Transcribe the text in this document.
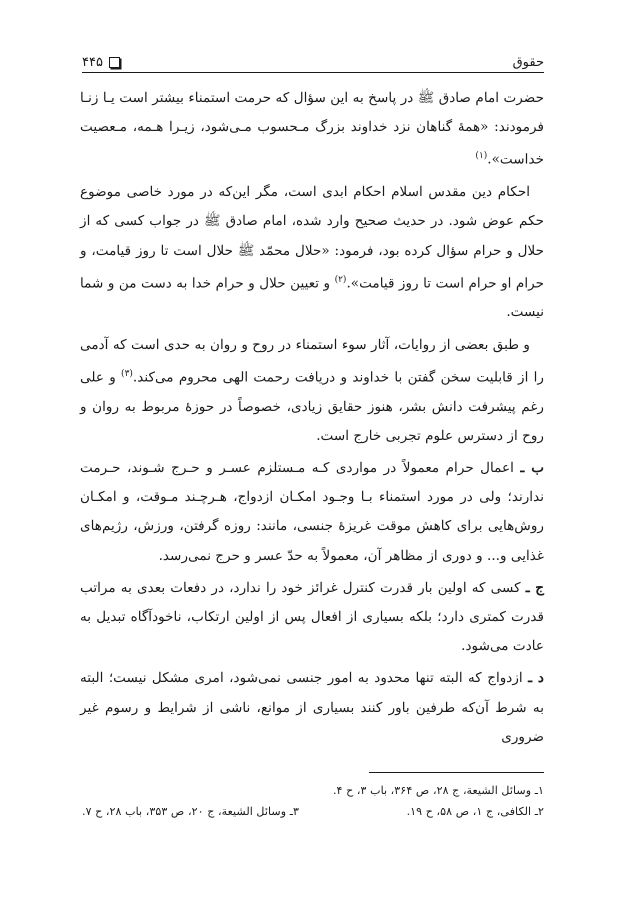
حقوق
۴۴۵

حضرت امام صادق ﷺ در پاسخ به این سؤال که حرمت استمناء بیشتر است یـا زنـا فرمودند: «همهٔ گناهان نزد خداوند بزرگ مـحسوب مـی‌شود، زیـرا هـمه، مـعصیت خداست».$^{(۱)}$

احکام دین مقدس اسلام احکام ابدی است، مگر این‌که در مورد خاصی موضوع حکم عوض شود. در حدیث صحیح وارد شده، امام صادق ﷺ در جواب کسی که از حلال و حرام سؤال کرده بود، فرمود: «حلال محمّد ﷺ حلال است تا روز قیامت، و حرام او حرام است تا روز قیامت».$^{(۲)}$ و تعیین حلال و حرام خدا به دست من و شما نیست.

و طبق بعضی از روایات، آثار سوء استمناء در روح و روان به حدی است که آدمی را از قابلیت سخن گفتن با خداوند و دریافت رحمت الهی محروم می‌کند.$^{(۳)}$ و علی رغم پیشرفت دانش بشر، هنوز حقایق زیادی، خصوصاً در حوزهٔ مربوط به روان و روح از دسترس علوم تجربی خارج است.

ب ـ اعمال حرام معمولاً در مواردی کـه مـستلزم عسـر و حـرج شـوند، حـرمت ندارند؛ ولی در مورد استمناء بـا وجـود امکـان ازدواج، هـرچـند مـوقت، و امکـان روش‌هایی برای کاهش موقت غریزهٔ جنسی، مانند: روزه گرفتن، ورزش، رژیم‌های غذایی و... و دوری از مظاهر آن، معمولاً به حدّ عسر و حرج نمی‌رسد.

ج ـ کسی که اولین بار قدرت کنترل غرائز خود را ندارد، در دفعات بعدی به مراتب قدرت کمتری دارد؛ بلکه بسیاری از افعال پس از اولین ارتکاب، ناخودآگاه تبدیل به عادت می‌شود.

د ـ ازدواج که البته تنها محدود به امور جنسی نمی‌شود، امری مشکل نیست؛ البته به شرط آن‌که طرفین باور کنند بسیاری از موانع، ناشی از شرایط و رسوم غیر ضروری

۱ـ وسائل الشیعة، ج ۲۸، ص ۳۶۴، باب ۳، ح ۴.
۲ـ الکافی، ج ۱، ص ۵۸، ح ۱۹.
۳ـ وسائل الشیعة، ج ۲۰، ص ۳۵۳، باب ۲۸، ح ۷.
